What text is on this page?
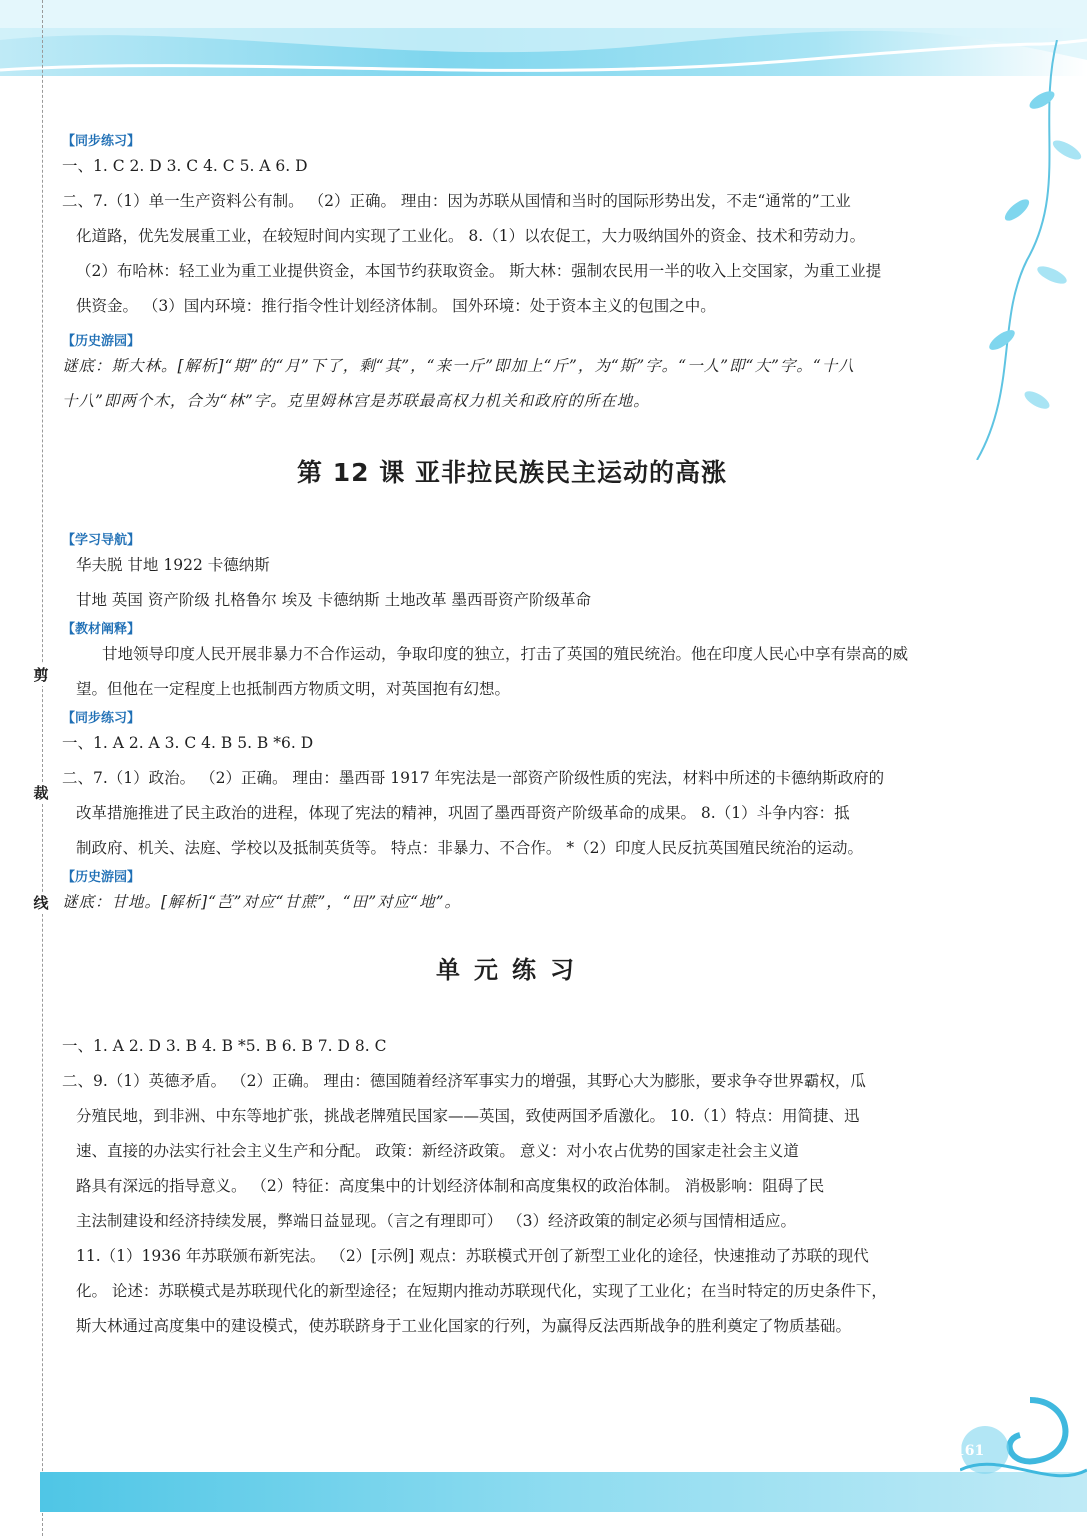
剪
裁
线

【同步练习】

一、1. C 2. D 3. C 4. C 5. A 6. D

二、7.（1）单一生产资料公有制。 （2）正确。 理由：因为苏联从国情和当时的国际形势出发，不走“通常的”工业

化道路，优先发展重工业，在较短时间内实现了工业化。 8.（1）以农促工，大力吸纳国外的资金、技术和劳动力。

（2）布哈林：轻工业为重工业提供资金，本国节约获取资金。 斯大林：强制农民用一半的收入上交国家，为重工业提

供资金。 （3）国内环境：推行指令性计划经济体制。 国外环境：处于资本主义的包围之中。

【历史游园】

谜底：斯大林。[解析]“期”的“月”下了，剩“其”，“来一斤”即加上“斤”，为“斯”字。“一人”即“大”字。“十八

十八”即两个木，合为“林”字。克里姆林宫是苏联最高权力机关和政府的所在地。

第 12 课 亚非拉民族民主运动的高涨

【学习导航】

华夫脱 甘地 1922 卡德纳斯

甘地 英国 资产阶级 扎格鲁尔 埃及 卡德纳斯 土地改革 墨西哥资产阶级革命

【教材阐释】

甘地领导印度人民开展非暴力不合作运动，争取印度的独立，打击了英国的殖民统治。他在印度人民心中享有崇高的威

望。但他在一定程度上也抵制西方物质文明，对英国抱有幻想。

【同步练习】

一、1. A 2. A 3. C 4. B 5. B *6. D

二、7.（1）政治。 （2）正确。 理由：墨西哥 1917 年宪法是一部资产阶级性质的宪法，材料中所述的卡德纳斯政府的

改革措施推进了民主政治的进程，体现了宪法的精神，巩固了墨西哥资产阶级革命的成果。 8.（1）斗争内容：抵

制政府、机关、法庭、学校以及抵制英货等。 特点：非暴力、不合作。 *（2）印度人民反抗英国殖民统治的运动。

【历史游园】

谜底：甘地。[解析]“芑”对应“甘蔗”，“田”对应“地”。

单元练习

一、1. A 2. D 3. B 4. B *5. B 6. B 7. D 8. C

二、9.（1）英德矛盾。 （2）正确。 理由：德国随着经济军事实力的增强，其野心大为膨胀，要求争夺世界霸权，瓜

分殖民地，到非洲、中东等地扩张，挑战老牌殖民国家——英国，致使两国矛盾激化。 10.（1）特点：用简捷、迅

速、直接的办法实行社会主义生产和分配。 政策：新经济政策。 意义：对小农占优势的国家走社会主义道

路具有深远的指导意义。 （2）特征：高度集中的计划经济体制和高度集权的政治体制。 消极影响：阻碍了民

主法制建设和经济持续发展，弊端日益显现。（言之有理即可） （3）经济政策的制定必须与国情相适应。

11.（1）1936 年苏联颁布新宪法。 （2）[示例] 观点：苏联模式开创了新型工业化的途径，快速推动了苏联的现代

化。 论述：苏联模式是苏联现代化的新型途径；在短期内推动苏联现代化，实现了工业化；在当时特定的历史条件下，

斯大林通过高度集中的建设模式，使苏联跻身于工业化国家的行列，为赢得反法西斯战争的胜利奠定了物质基础。

161
